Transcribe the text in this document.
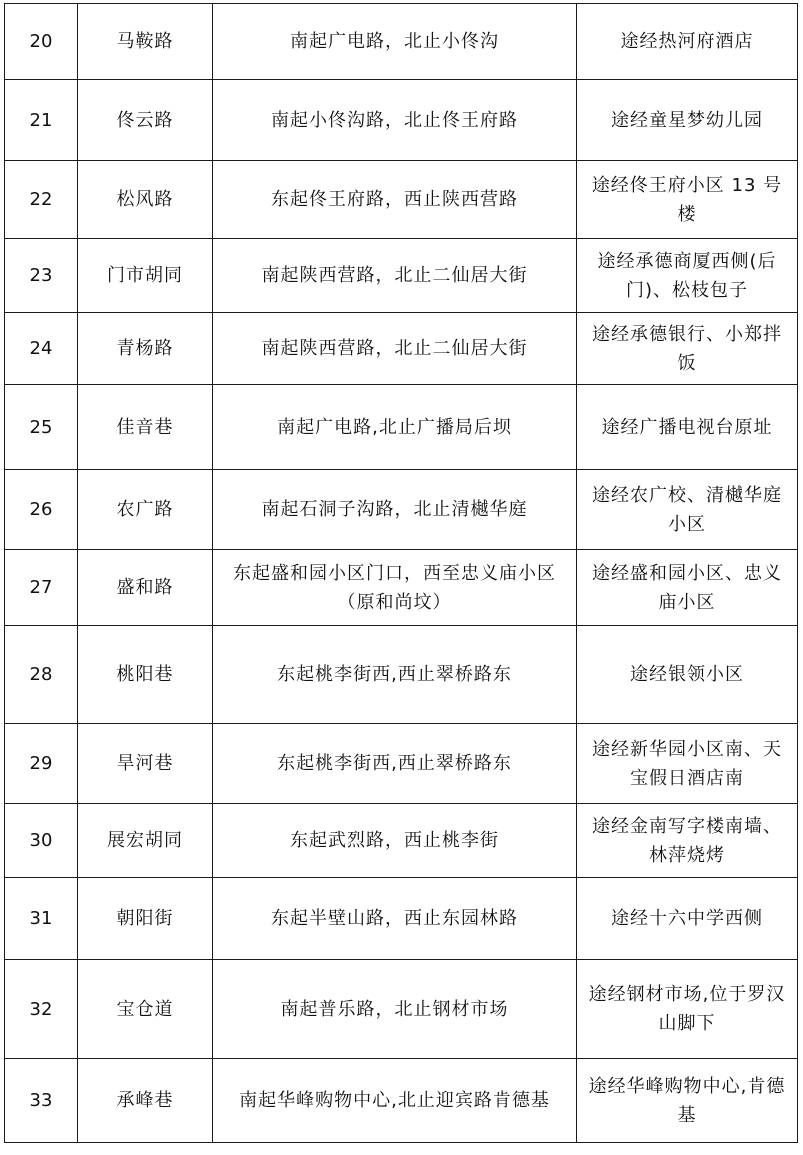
20	马鞍路	南起广电路，北止小佟沟	途经热河府酒店

21	佟云路	南起小佟沟路，北止佟王府路	途经童星梦幼儿园

22	松风路	东起佟王府路，西止陕西营路	途经佟王府小区 13 号楼

23	门市胡同	南起陕西营路，北止二仙居大街	途经承德商厦西侧(后门)、松枝包子

24	青杨路	南起陕西营路，北止二仙居大街	途经承德银行、小郑拌饭

25	佳音巷	南起广电路,北止广播局后坝	途经广播电视台原址

26	农广路	南起石洞子沟路，北止清樾华庭	途经农广校、清樾华庭小区

27	盛和路	东起盛和园小区门口，西至忠义庙小区（原和尚坟）	途经盛和园小区、忠义庙小区

28	桃阳巷	东起桃李街西,西止翠桥路东	途经银领小区

29	旱河巷	东起桃李街西,西止翠桥路东	途经新华园小区南、天宝假日酒店南

30	展宏胡同	东起武烈路，西止桃李街	途经金南写字楼南墙、林萍烧烤

31	朝阳街	东起半壁山路，西止东园林路	途经十六中学西侧

32	宝仓道	南起普乐路，北止钢材市场	途经钢材市场,位于罗汉山脚下

33	承峰巷	南起华峰购物中心,北止迎宾路肯德基	途经华峰购物中心,肯德基
